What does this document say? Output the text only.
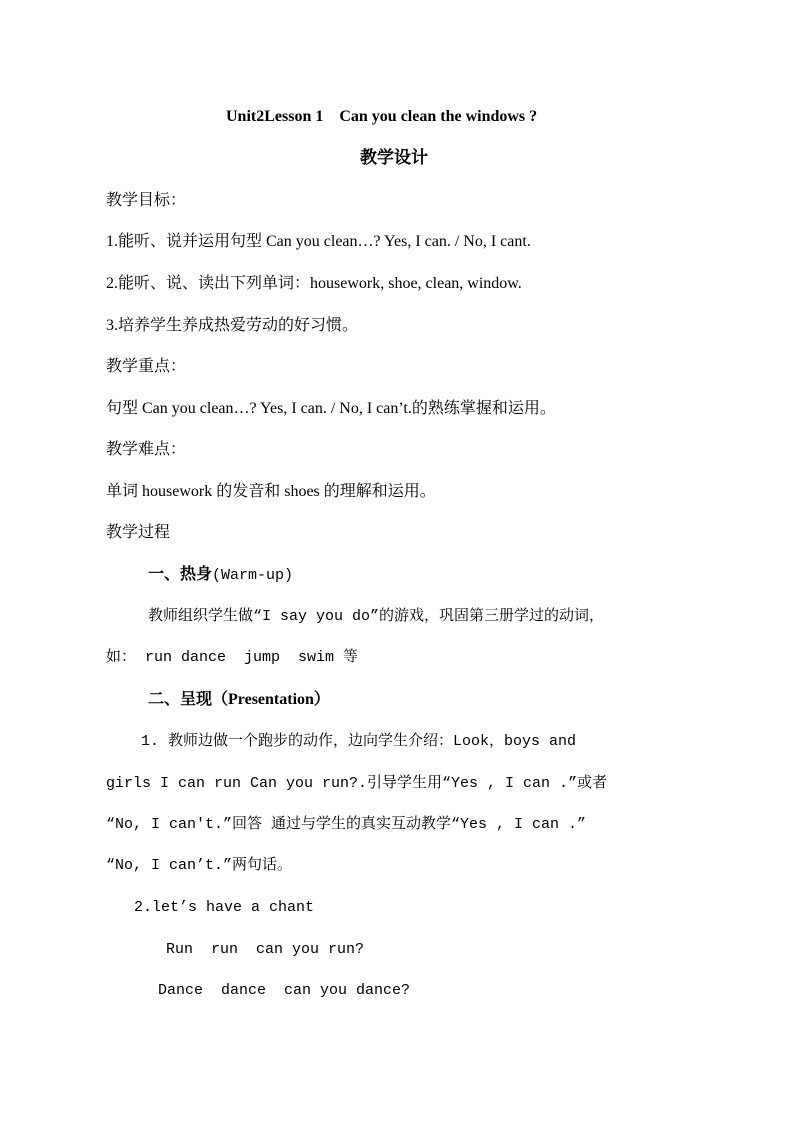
Unit2Lesson 1    Can you clean the windows ?
教学设计
教学目标：
1.能听、说并运用句型 Can you clean…? Yes, I can. / No, I cant.
2.能听、说、读出下列单词：housework, shoe, clean, window.
3.培养学生养成热爱劳动的好习惯。
教学重点：
句型 Can you clean…? Yes, I can. / No, I can’t.的熟练掌握和运用。
教学难点：
单词 housework 的发音和 shoes 的理解和运用。
教学过程
一、热身(Warm-up)
教师组织学生做“I say you do”的游戏，巩固第三册学过的动词，
如： run dance  jump  swim 等
二、呈现（Presentation）
1. 教师边做一个跑步的动作，边向学生介绍：Look，boys and
girls I can run Can you run?.引导学生用“Yes , I can .”或者
“No, I can't.”回答 通过与学生的真实互动教学“Yes , I can .”
“No, I can’t.”两句话。
2.let’s have a chant
Run  run  can you run?
Dance  dance  can you dance?
